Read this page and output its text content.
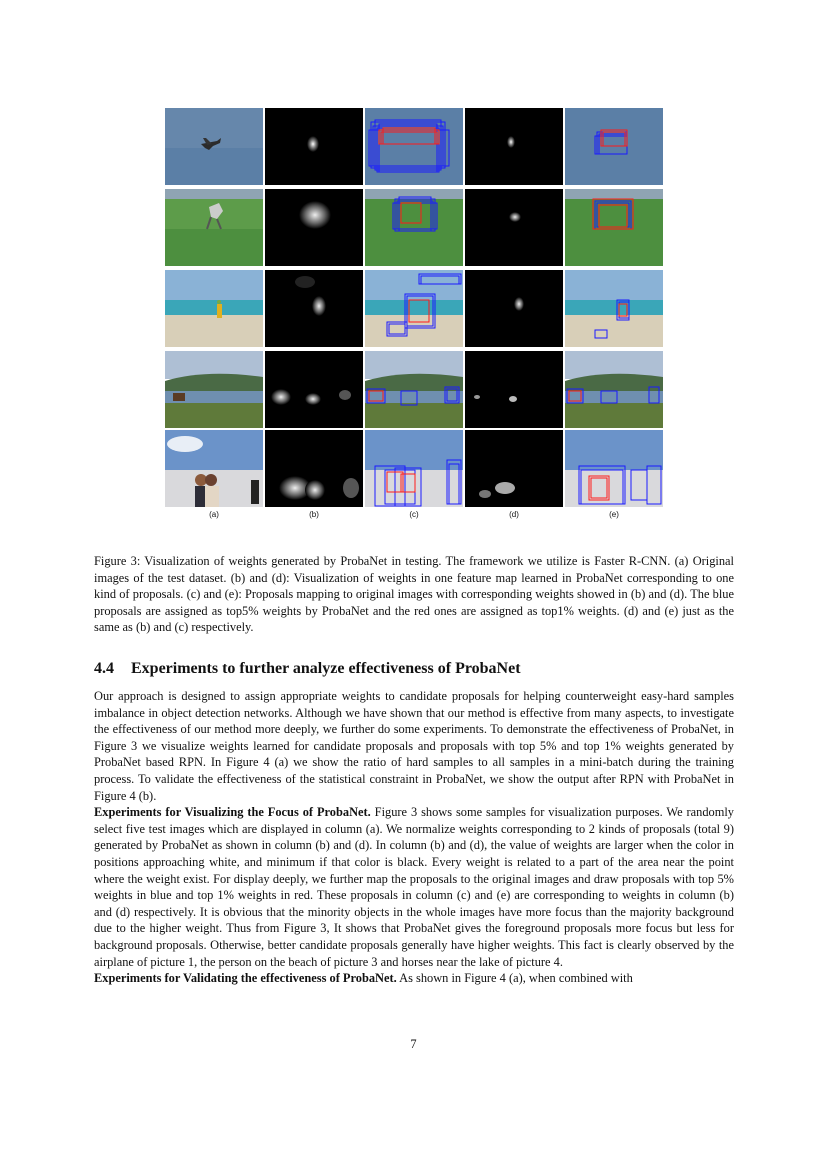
(a)	(b)	(c)	(d)	(e)

Figure 3: Visualization of weights generated by ProbaNet in testing. The framework we utilize is Faster R-CNN. (a) Original images of the test dataset. (b) and (d): Visualization of weights in one feature map learned in ProbaNet corresponding to one kind of proposals. (c) and (e): Proposals mapping to original images with corresponding weights showed in (b) and (d). The blue proposals are assigned as top5% weights by ProbaNet and the red ones are assigned as top1% weights. (d) and (e) just as the same as (b) and (c) respectively.

4.4 Experiments to further analyze effectiveness of ProbaNet

Our approach is designed to assign appropriate weights to candidate proposals for helping counterweight easy-hard samples imbalance in object detection networks. Although we have shown that our method is effective from many aspects, to investigate the effectiveness of our method more deeply, we further do some experiments. To demonstrate the effectiveness of ProbaNet, in Figure 3 we visualize weights learned for candidate proposals and proposals with top 5% and top 1% weights generated by ProbaNet based RPN. In Figure 4 (a) we show the ratio of hard samples to all samples in a mini-batch during the training process. To validate the effectiveness of the statistical constraint in ProbaNet, we show the output after RPN with ProbaNet in Figure 4 (b).

Experiments for Visualizing the Focus of ProbaNet. Figure 3 shows some samples for visualization purposes. We randomly select five test images which are displayed in column (a). We normalize weights corresponding to 2 kinds of proposals (total 9) generated by ProbaNet as shown in column (b) and (d). In column (b) and (d), the value of weights are larger when the color in positions approaching white, and minimum if that color is black. Every weight is related to a part of the area near the point where the weight exist. For display deeply, we further map the proposals to the original images and draw proposals with top 5% weights in blue and top 1% weights in red. These proposals in column (c) and (e) are corresponding to weights in column (b) and (d) respectively. It is obvious that the minority objects in the whole images have more focus than the majority background due to the higher weight. Thus from Figure 3, It shows that ProbaNet gives the foreground proposals more focus but less for background proposals. Otherwise, better candidate proposals generally have higher weights. This fact is clearly observed by the airplane of picture 1, the person on the beach of picture 3 and horses near the lake of picture 4.

Experiments for Validating the effectiveness of ProbaNet. As shown in Figure 4 (a), when combined with

7
